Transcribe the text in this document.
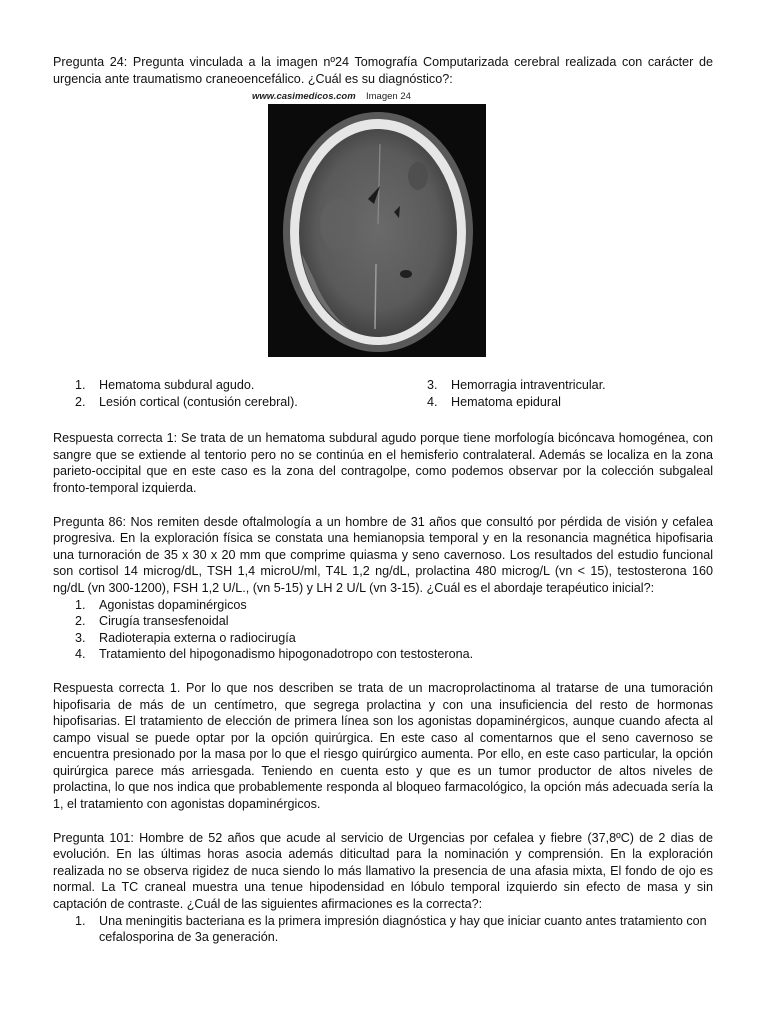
Pregunta 24: Pregunta vinculada a la imagen nº24 Tomografía Computarizada cerebral realizada con carácter de urgencia ante traumatismo craneoencefálico. ¿Cuál es su diagnóstico?:

www.casimedicos.com Imagen 24
1. Hematoma subdural agudo.
2. Lesión cortical (contusión cerebral).
3. Hemorragia intraventricular.
4. Hematoma epidural

Respuesta correcta 1: Se trata de un hematoma subdural agudo porque tiene morfología bicóncava homogénea, con sangre que se extiende al tentorio pero no se continúa en el hemisferio contralateral. Además se localiza en la zona parieto-occipital que en este caso es la zona del contragolpe, como podemos observar por la colección subgaleal fronto-temporal izquierda.

Pregunta 86: Nos remiten desde oftalmología a un hombre de 31 años que consultó por pérdida de visión y cefalea progresiva. En la exploración física se constata una hemianopsia temporal y en la resonancia magnética hipofisaria una turnoración de 35 x 30 x 20 mm que comprime quiasma y seno cavernoso. Los resultados del estudio funcional son cortisol 14 microg/dL, TSH 1,4 microU/ml, T4L 1,2 ng/dL, prolactina 480 microg/L (vn < 15), testosterona 160 ng/dL (vn 300-1200), FSH 1,2 U/L., (vn 5-15) y LH 2 U/L (vn 3-15). ¿Cuál es el abordaje terapéutico inicial?:

1. Agonistas dopaminérgicos
2. Cirugía transesfenoidal
3. Radioterapia externa o radiocirugía
4. Tratamiento del hipogonadismo hipogonadotropo con testosterona.

Respuesta correcta 1. Por lo que nos describen se trata de un macroprolactinoma al tratarse de una tumoración hipofisaria de más de un centímetro, que segrega prolactina y con una insuficiencia del resto de hormonas hipofisarias. El tratamiento de elección de primera línea son los agonistas dopaminérgicos, aunque cuando afecta al campo visual se puede optar por la opción quirúrgica. En este caso al comentarnos que el seno cavernoso se encuentra presionado por la masa por lo que el riesgo quirúrgico aumenta. Por ello, en este caso particular, la opción quirúrgica parece más arriesgada. Teniendo en cuenta esto y que es un tumor productor de altos niveles de prolactina, lo que nos indica que probablemente responda al bloqueo farmacológico, la opción más adecuada sería la 1, el tratamiento con agonistas dopaminérgicos.

Pregunta 101: Hombre de 52 años que acude al servicio de Urgencias por cefalea y fiebre (37,8ºC) de 2 dias de evolución. En las últimas horas asocia además diticultad para la nominación y comprensión. En la exploración realizada no se observa rigidez de nuca siendo lo más llamativo la presencia de una afasia mixta, El fondo de ojo es normal. La TC craneal muestra una tenue hipodensidad en lóbulo temporal izquierdo sin efecto de masa y sin captación de contraste. ¿Cuál de las siguientes afirmaciones es la correcta?:

1. Una meningitis bacteriana es la primera impresión diagnóstica y hay que iniciar cuanto antes tratamiento con cefalosporina de 3a generación.
